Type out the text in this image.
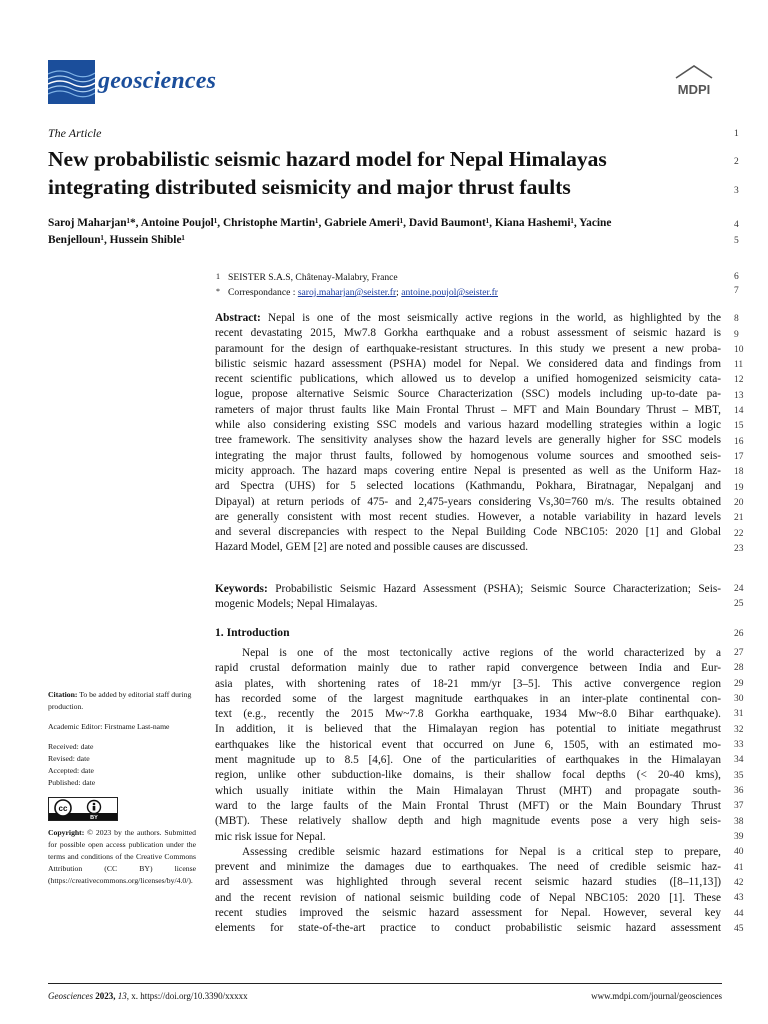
geosciences	MDPI
The Article
New probabilistic seismic hazard model for Nepal Himalayas
integrating distributed seismicity and major thrust faults
Saroj Maharjan¹*, Antoine Poujol¹, Christophe Martin¹, Gabriele Ameri¹, David Baumont¹, Kiana Hashemi¹, Yacine
Benjelloun¹, Hussein Shible¹
1 SEISTER S.A.S, Châtenay-Malabry, France
* Correspondance : saroj.maharjan@seister.fr; antoine.poujol@seister.fr
Abstract: Nepal is one of the most seismically active regions in the world, as highlighted by the
recent devastating 2015, Mw7.8 Gorkha earthquake and a robust assessment of seismic hazard is
paramount for the design of earthquake-resistant structures. In this study we present a new proba-
bilistic seismic hazard assessment (PSHA) model for Nepal. We considered data and findings from
recent scientific publications, which allowed us to develop a unified homogenized seismicity cata-
logue, propose alternative Seismic Source Characterization (SSC) models including up-to-date pa-
rameters of major thrust faults like Main Frontal Thrust – MFT and Main Boundary Thrust – MBT,
while also considering existing SSC models and various hazard modelling strategies within a logic
tree framework. The sensitivity analyses show the hazard levels are generally higher for SSC models
integrating the major thrust faults, followed by homogenous volume sources and smoothed seis-
micity approach. The hazard maps covering entire Nepal is presented as well as the Uniform Haz-
ard Spectra (UHS) for 5 selected locations (Kathmandu, Pokhara, Biratnagar, Nepalganj and
Dipayal) at return periods of 475- and 2,475-years considering Vs,30=760 m/s. The results obtained
are generally consistent with most recent studies. However, a notable variability in hazard levels
and several discrepancies with respect to the Nepal Building Code NBC105: 2020 [1] and Global
Hazard Model, GEM [2] are noted and possible causes are discussed.
Keywords: Probabilistic Seismic Hazard Assessment (PSHA); Seismic Source Characterization; Seis-
mogenic Models; Nepal Himalayas.
1. Introduction
Nepal is one of the most tectonically active regions of the world characterized by a
rapid crustal deformation mainly due to rather rapid convergence between India and Eur-
asia plates, with shortening rates of 18-21 mm/yr [3–5]. This active convergence region
has recorded some of the largest magnitude earthquakes in an inter-plate continental con-
text (e.g., recently the 2015 Mw~7.8 Gorkha earthquake, 1934 Mw~8.0 Bihar earthquake).
In addition, it is believed that the Himalayan region has potential to initiate megathrust
earthquakes like the historical event that occurred on June 6, 1505, with an estimated mo-
ment magnitude up to 8.5 [4,6]. One of the particularities of earthquakes in the Himalayan
region, unlike other subduction-like domains, is their shallow focal depths (< 20-40 kms),
which usually initiate within the Main Himalayan Thrust (MHT) and propagate south-
ward to the large faults of the Main Frontal Thrust (MFT) or the Main Boundary Thrust
(MBT). These relatively shallow depth and high magnitude events pose a very high seis-
mic risk issue for Nepal.
Assessing credible seismic hazard estimations for Nepal is a critical step to prepare,
prevent and minimize the damages due to earthquakes. The need of credible seismic haz-
ard assessment was highlighted through several recent seismic hazard studies ([8–11,13])
and the recent revision of national seismic building code of Nepal NBC105: 2020 [1]. These
recent studies improved the seismic hazard assessment for Nepal. However, several key
elements for state-of-the-art practice to conduct probabilistic seismic hazard assessment
1
2
3
4
5
6
7
8
9
10
11
12
13
14
15
16
17
18
19
20
21
22
23
24
25
26
27
28
29
30
31
32
33
34
35
36
37
38
39
40
41
42
43
44
45

Citation: To be added by editorial staff during production.

Academic Editor: Firstname Last-name

Received: date

Revised: date

Accepted: date

Published: date

cc
BY

Copyright: © 2023 by the authors. Submitted for possible open access publication under the terms and conditions of the Creative Commons Attribution (CC BY) license (https://creativecommons.org/licenses/by/4.0/).

Geosciences 2023, 13, x. https://doi.org/10.3390/xxxxx	www.mdpi.com/journal/geosciences
